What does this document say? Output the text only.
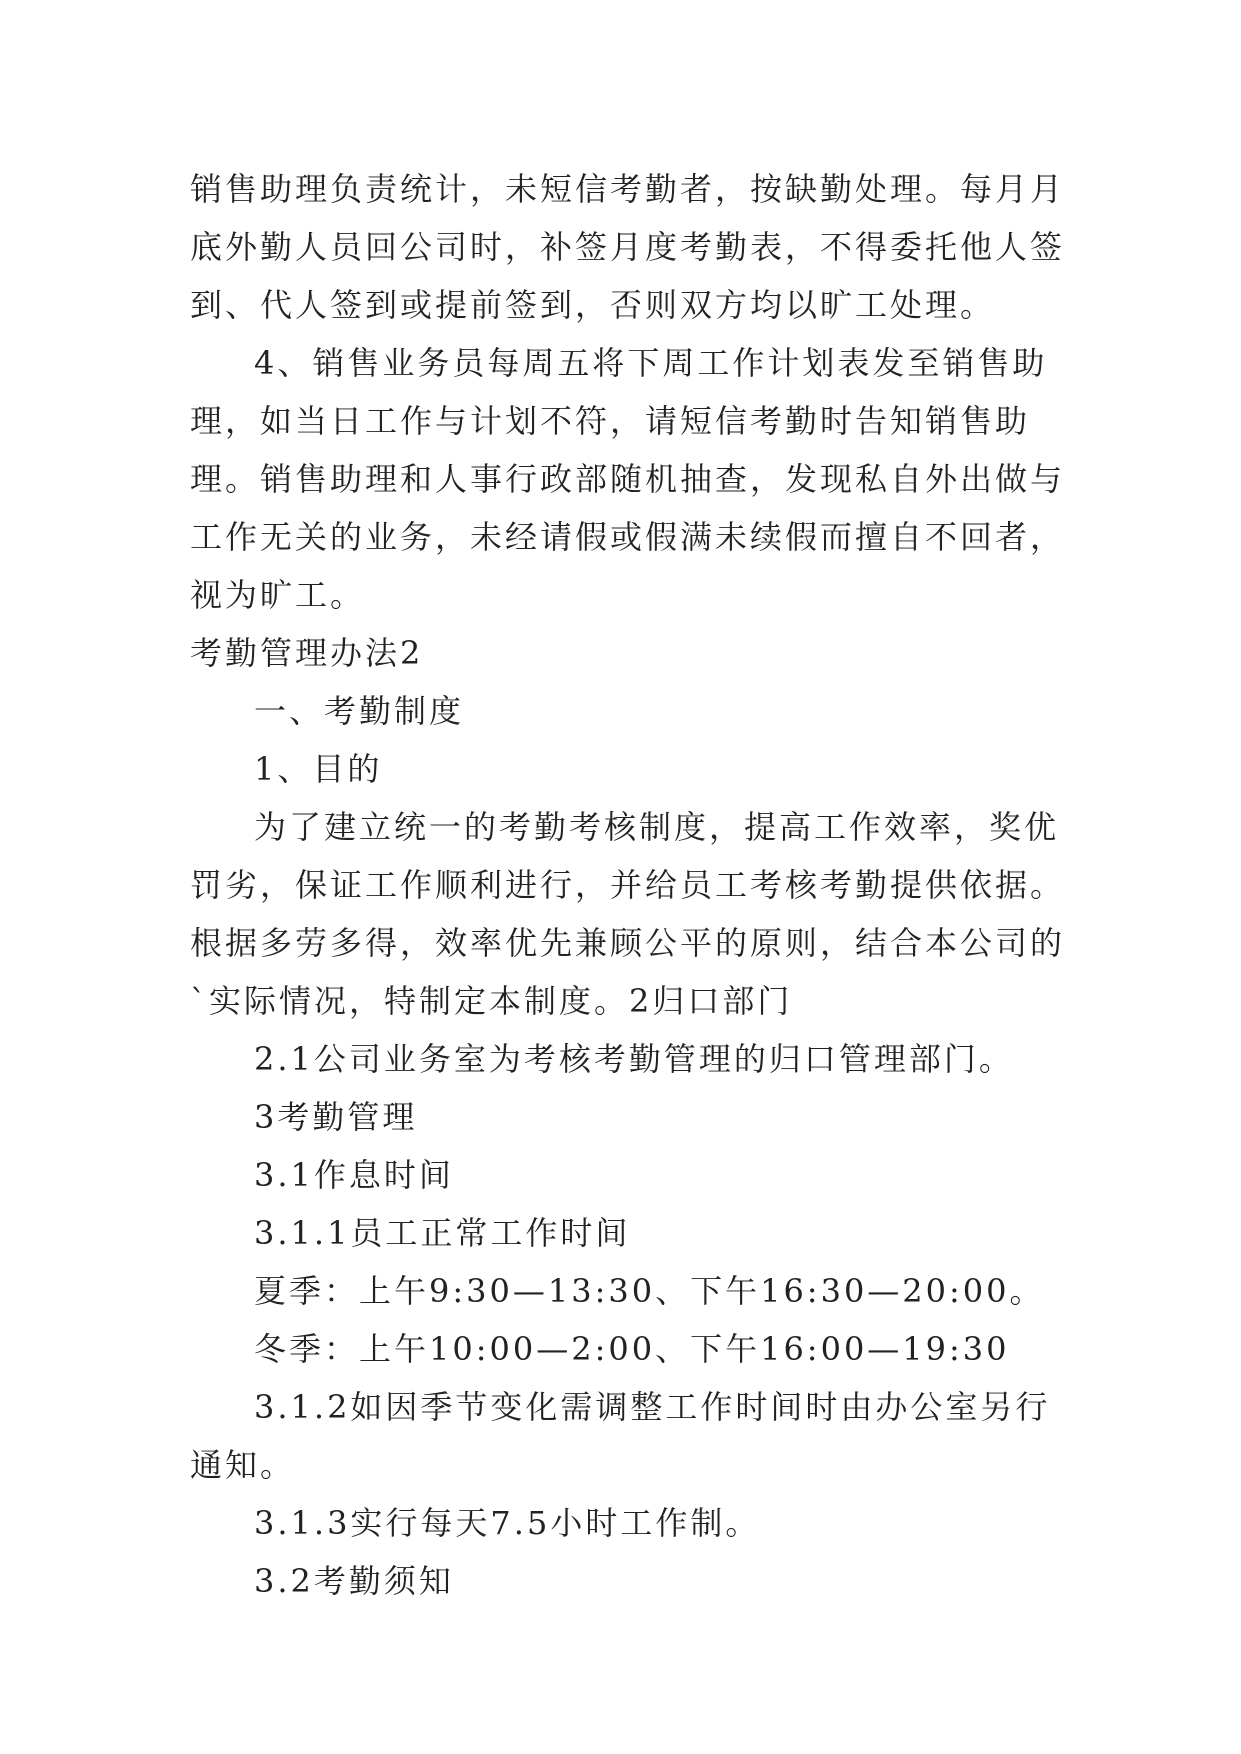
销售助理负责统计，未短信考勤者，按缺勤处理。每月月底外勤人员回公司时，补签月度考勤表，不得委托他人签到、代人签到或提前签到，否则双方均以旷工处理。

4、销售业务员每周五将下周工作计划表发至销售助理，如当日工作与计划不符，请短信考勤时告知销售助理。销售助理和人事行政部随机抽查，发现私自外出做与工作无关的业务，未经请假或假满未续假而擅自不回者，视为旷工。

考勤管理办法2

一、考勤制度

1、目的

为了建立统一的考勤考核制度，提高工作效率，奖优罚劣，保证工作顺利进行，并给员工考核考勤提供依据。根据多劳多得，效率优先兼顾公平的原则，结合本公司的`实际情况，特制定本制度。2归口部门

2.1公司业务室为考核考勤管理的归口管理部门。

3考勤管理

3.1作息时间

3.1.1员工正常工作时间

夏季：上午9:30—13:30、下午16:30—20:00。

冬季：上午10:00—2:00、下午16:00—19:30

3.1.2如因季节变化需调整工作时间时由办公室另行通知。

3.1.3实行每天7.5小时工作制。

3.2考勤须知
